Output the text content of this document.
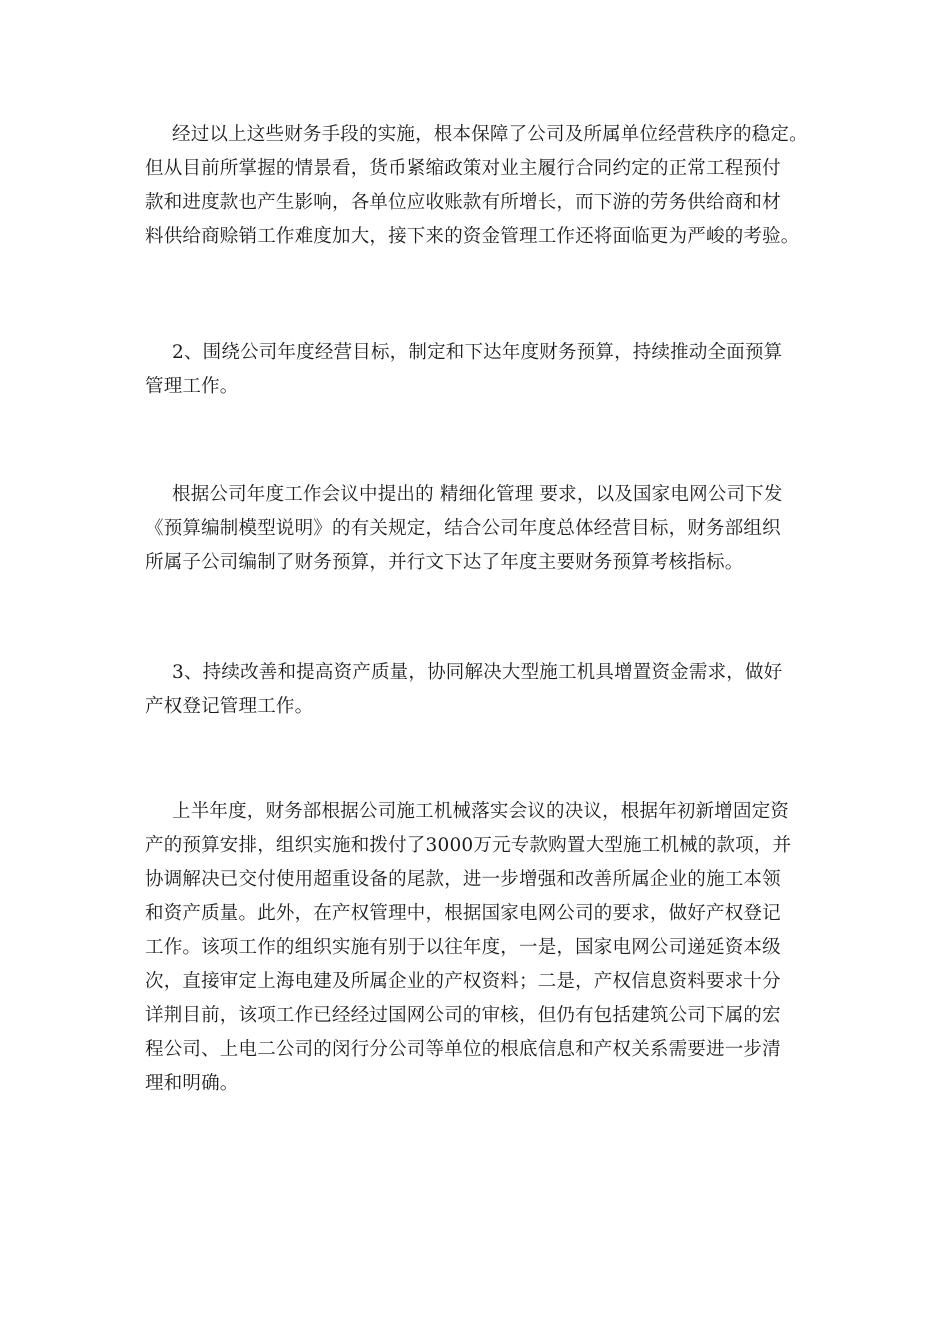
经过以上这些财务手段的实施，根本保障了公司及所属单位经营秩序的稳定。
但从目前所掌握的情景看，货币紧缩政策对业主履行合同约定的正常工程预付
款和进度款也产生影响，各单位应收账款有所增长，而下游的劳务供给商和材
料供给商赊销工作难度加大，接下来的资金管理工作还将面临更为严峻的考验。
2、围绕公司年度经营目标，制定和下达年度财务预算，持续推动全面预算
管理工作。
根据公司年度工作会议中提出的 精细化管理 要求，以及国家电网公司下发
《预算编制模型说明》的有关规定，结合公司年度总体经营目标，财务部组织
所属子公司编制了财务预算，并行文下达了年度主要财务预算考核指标。
3、持续改善和提高资产质量，协同解决大型施工机具增置资金需求，做好
产权登记管理工作。
上半年度，财务部根据公司施工机械落实会议的决议，根据年初新增固定资
产的预算安排，组织实施和拨付了3000万元专款购置大型施工机械的款项，并
协调解决已交付使用超重设备的尾款，进一步增强和改善所属企业的施工本领
和资产质量。此外，在产权管理中，根据国家电网公司的要求，做好产权登记
工作。该项工作的组织实施有别于以往年度，一是，国家电网公司递延资本级
次，直接审定上海电建及所属企业的产权资料；二是，产权信息资料要求十分
详荆目前，该项工作已经经过国网公司的审核，但仍有包括建筑公司下属的宏
程公司、上电二公司的闵行分公司等单位的根底信息和产权关系需要进一步清
理和明确。
